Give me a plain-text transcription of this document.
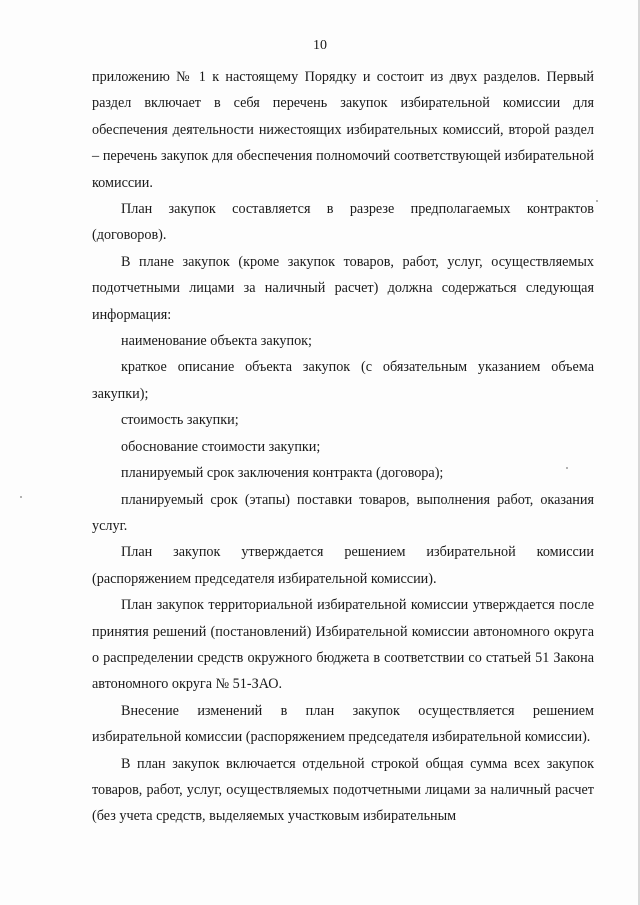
10

приложению № 1 к настоящему Порядку и состоит из двух разделов. Первый раздел включает в себя перечень закупок избирательной комиссии для обеспечения деятельности нижестоящих избирательных комиссий, второй раздел – перечень закупок для обеспечения полномочий соответствующей избирательной комиссии.

План закупок составляется в разрезе предполагаемых контрактов (договоров).

В плане закупок (кроме закупок товаров, работ, услуг, осуществляемых подотчетными лицами за наличный расчет) должна содержаться следующая информация:

наименование объекта закупок;

краткое описание объекта закупок (с обязательным указанием объема закупки);

стоимость закупки;

обоснование стоимости закупки;

планируемый срок заключения контракта (договора);

планируемый срок (этапы) поставки товаров, выполнения работ, оказания услуг.

План закупок утверждается решением избирательной комиссии (распоряжением председателя избирательной комиссии).

План закупок территориальной избирательной комиссии утверждается после принятия решений (постановлений) Избирательной комиссии автономного округа о распределении средств окружного бюджета в соответствии со статьей 51 Закона автономного округа № 51-ЗАО.

Внесение изменений в план закупок осуществляется решением избирательной комиссии (распоряжением председателя избирательной комиссии).

В план закупок включается отдельной строкой общая сумма всех закупок товаров, работ, услуг, осуществляемых подотчетными лицами за наличный расчет (без учета средств, выделяемых участковым избирательным
